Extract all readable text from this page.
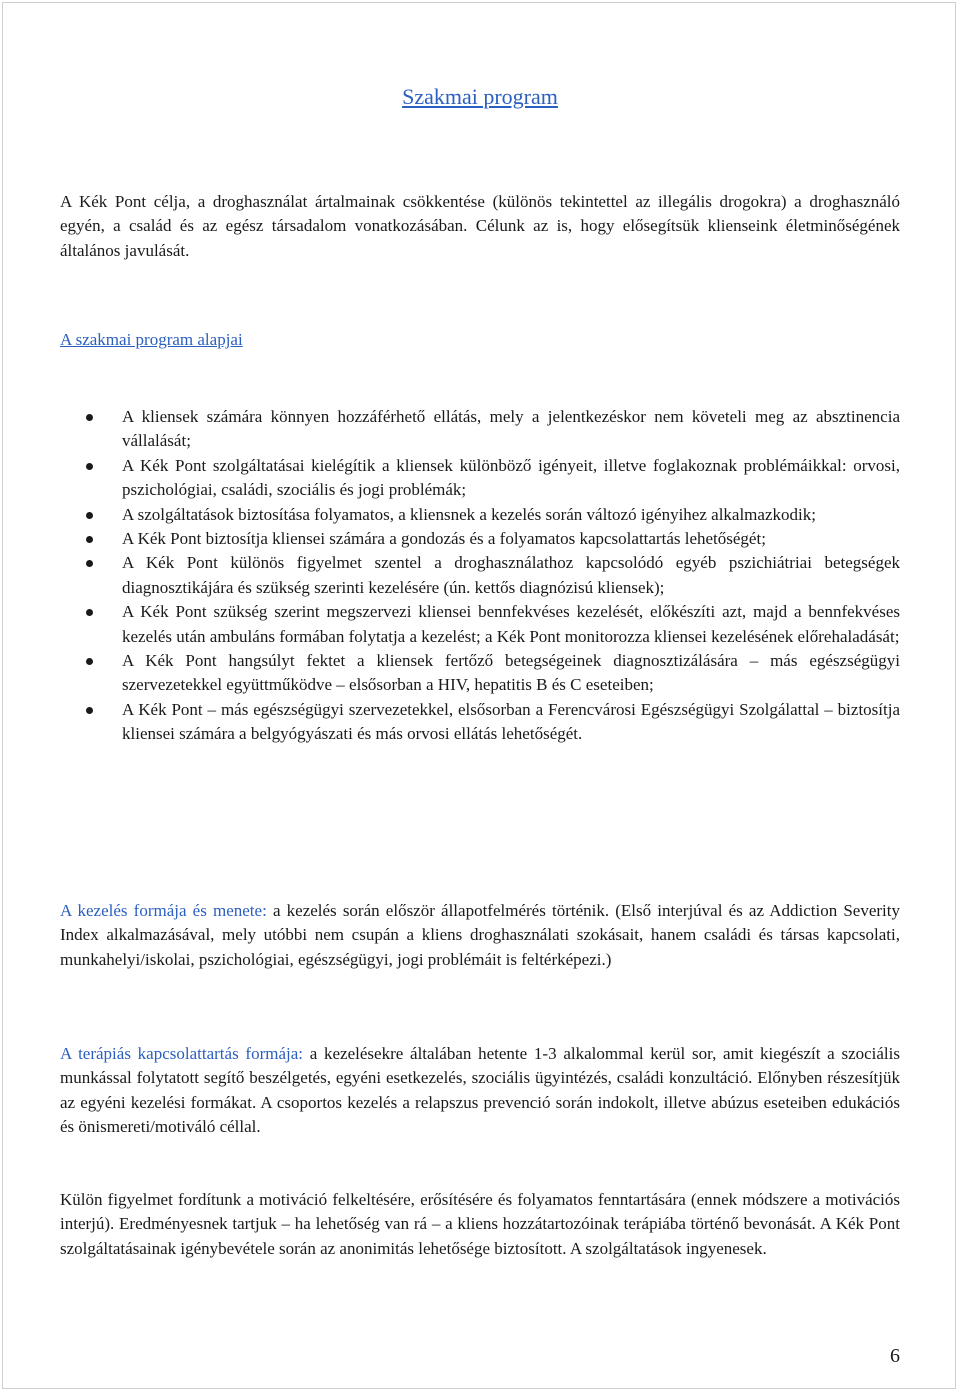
Szakmai program

A Kék Pont célja, a droghasználat ártalmainak csökkentése (különös tekintettel az illegális drogokra) a droghasználó egyén, a család és az egész társadalom vonatkozásában. Célunk az is, hogy elősegítsük klienseink életminőségének általános javulását.

A szakmai program alapjai
A kliensek számára könnyen hozzáférhető ellátás, mely a jelentkezéskor nem követeli meg az absztinencia vállalását;
A Kék Pont szolgáltatásai kielégítik a kliensek különböző igényeit, illetve foglakoznak problémáikkal: orvosi, pszichológiai, családi, szociális és jogi problémák;
A szolgáltatások biztosítása folyamatos, a kliensnek a kezelés során változó igényihez alkalmazkodik;
A Kék Pont biztosítja kliensei számára a gondozás és a folyamatos kapcsolattartás lehetőségét;
A Kék Pont különös figyelmet szentel a droghasználathoz kapcsolódó egyéb pszichiátriai betegségek diagnosztikájára és szükség szerinti kezelésére (ún. kettős diagnózisú kliensek);
A Kék Pont szükség szerint megszervezi kliensei bennfekvéses kezelését, előkészíti azt, majd a bennfekvéses kezelés után ambuláns formában folytatja a kezelést; a Kék Pont monitorozza kliensei kezelésének előrehaladását;
A Kék Pont hangsúlyt fektet a kliensek fertőző betegségeinek diagnosztizálására – más egészségügyi szervezetekkel együttműködve – elsősorban a HIV, hepatitis B és C eseteiben;
A Kék Pont – más egészségügyi szervezetekkel, elsősorban a Ferencvárosi Egészségügyi Szolgálattal – biztosítja kliensei számára a belgyógyászati és más orvosi ellátás lehetőségét.

A kezelés formája és menete: a kezelés során először állapotfelmérés történik. (Első interjúval és az Addiction Severity Index alkalmazásával, mely utóbbi nem csupán a kliens droghasználati szokásait, hanem családi és társas kapcsolati, munkahelyi/iskolai, pszichológiai, egészségügyi, jogi problémáit is feltérképezi.)

A terápiás kapcsolattartás formája: a kezelésekre általában hetente 1-3 alkalommal kerül sor, amit kiegészít a szociális munkással folytatott segítő beszélgetés, egyéni esetkezelés, szociális ügyintézés, családi konzultáció. Előnyben részesítjük az egyéni kezelési formákat. A csoportos kezelés a relapszus prevenció során indokolt, illetve abúzus eseteiben edukációs és önismereti/motiváló céllal.

Külön figyelmet fordítunk a motiváció felkeltésére, erősítésére és folyamatos fenntartására (ennek módszere a motivációs interjú). Eredményesnek tartjuk – ha lehetőség van rá – a kliens hozzátartozóinak terápiába történő bevonását. A Kék Pont szolgáltatásainak igénybevétele során az anonimitás lehetősége biztosított. A szolgáltatások ingyenesek.

6
